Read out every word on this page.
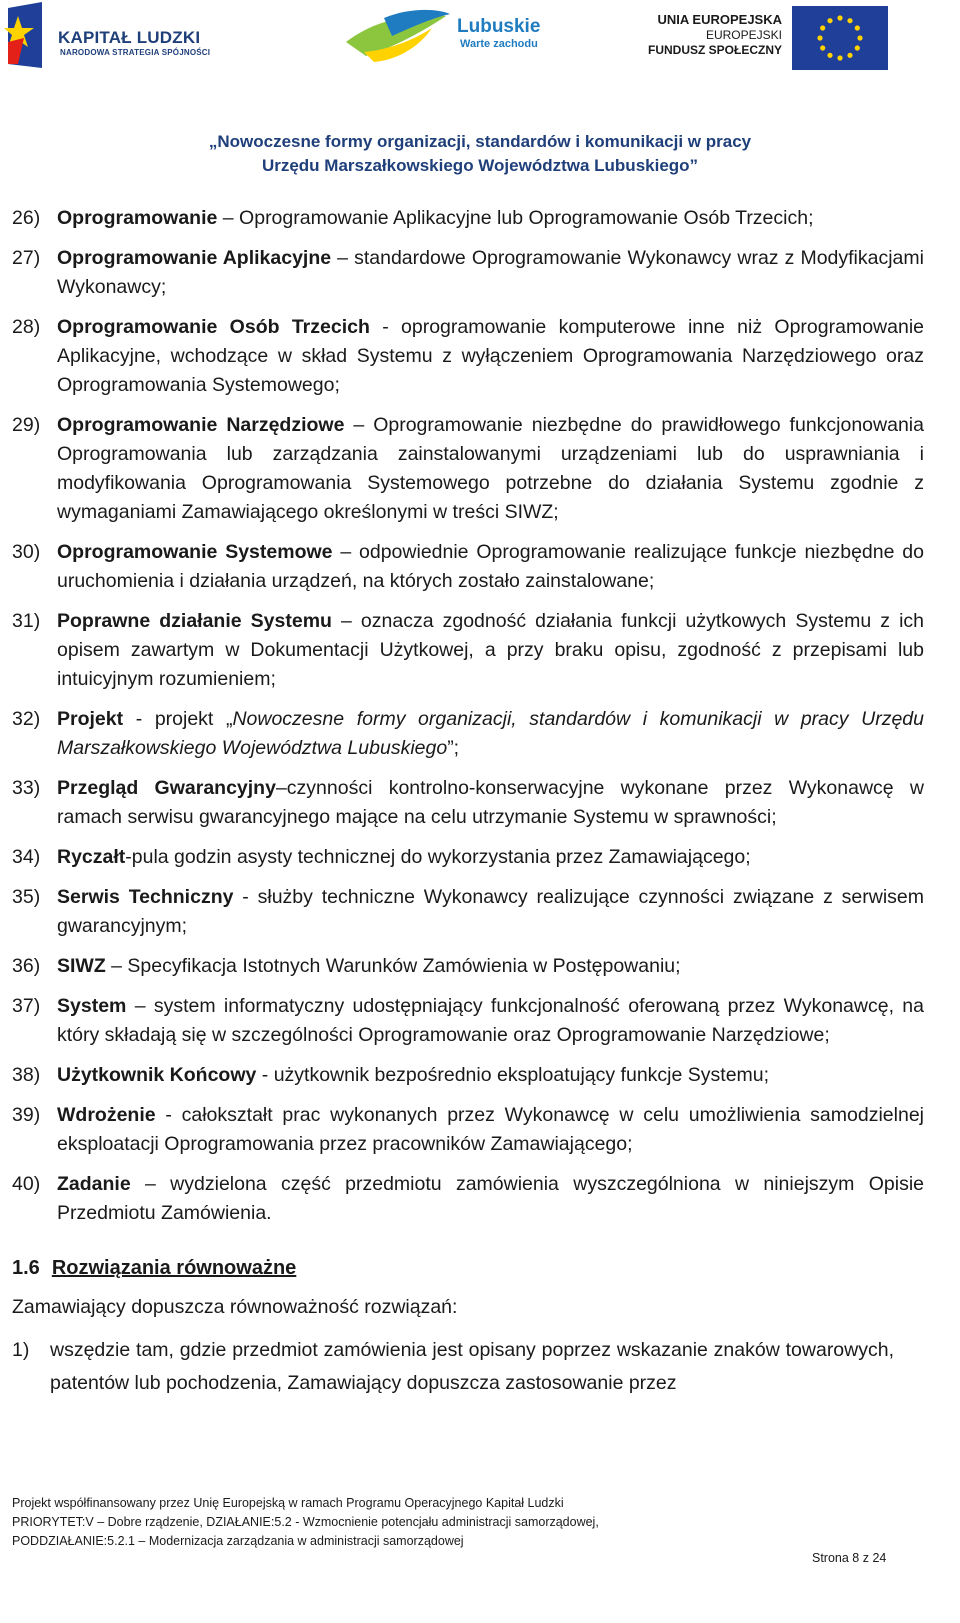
KAPITAŁ LUDZKI
NARODOWA STRATEGIA SPÓJNOŚCI
Lubuskie
Warte zachodu
UNIA EUROPEJSKA
EUROPEJSKI
FUNDUSZ SPOŁECZNY
„Nowoczesne formy organizacji, standardów i komunikacji w pracy
Urzędu Marszałkowskiego Województwa Lubuskiego”
26) Oprogramowanie – Oprogramowanie Aplikacyjne lub Oprogramowanie Osób Trzecich;
27) Oprogramowanie Aplikacyjne – standardowe Oprogramowanie Wykonawcy wraz z Modyfikacjami Wykonawcy;
28) Oprogramowanie Osób Trzecich - oprogramowanie komputerowe inne niż Oprogramowanie Aplikacyjne, wchodzące w skład Systemu z wyłączeniem Oprogramowania Narzędziowego oraz Oprogramowania Systemowego;
29) Oprogramowanie Narzędziowe – Oprogramowanie niezbędne do prawidłowego funkcjonowania Oprogramowania lub zarządzania zainstalowanymi urządzeniami lub do usprawniania i modyfikowania Oprogramowania Systemowego potrzebne do działania Systemu zgodnie z wymaganiami Zamawiającego określonymi w treści SIWZ;
30) Oprogramowanie Systemowe – odpowiednie Oprogramowanie realizujące funkcje niezbędne do uruchomienia i działania urządzeń, na których zostało zainstalowane;
31) Poprawne działanie Systemu – oznacza zgodność działania funkcji użytkowych Systemu z ich opisem zawartym w Dokumentacji Użytkowej, a przy braku opisu, zgodność z przepisami lub intuicyjnym rozumieniem;
32) Projekt - projekt „Nowoczesne formy organizacji, standardów i komunikacji w pracy Urzędu Marszałkowskiego Województwa Lubuskiego”;
33) Przegląd Gwarancyjny–czynności kontrolno-konserwacyjne wykonane przez Wykonawcę w ramach serwisu gwarancyjnego mające na celu utrzymanie Systemu w sprawności;
34) Ryczałt-pula godzin asysty technicznej do wykorzystania przez Zamawiającego;
35) Serwis Techniczny - służby techniczne Wykonawcy realizujące czynności związane z serwisem gwarancyjnym;
36) SIWZ – Specyfikacja Istotnych Warunków Zamówienia w Postępowaniu;
37) System – system informatyczny udostępniający funkcjonalność oferowaną przez Wykonawcę, na który składają się w szczególności Oprogramowanie oraz Oprogramowanie Narzędziowe;
38) Użytkownik Końcowy - użytkownik bezpośrednio eksploatujący funkcje Systemu;
39) Wdrożenie - całokształt prac wykonanych przez Wykonawcę w celu umożliwienia samodzielnej eksploatacji Oprogramowania przez pracowników Zamawiającego;
40) Zadanie – wydzielona część przedmiotu zamówienia wyszczególniona w niniejszym Opisie Przedmiotu Zamówienia.
1.6 Rozwiązania równoważne
Zamawiający dopuszcza równoważność rozwiązań:
1) wszędzie tam, gdzie przedmiot zamówienia jest opisany poprzez wskazanie znaków towarowych, patentów lub pochodzenia, Zamawiający dopuszcza zastosowanie przez
Projekt współfinansowany przez Unię Europejską w ramach Programu Operacyjnego Kapitał Ludzki
PRIORYTET:V – Dobre rządzenie, DZIAŁANIE:5.2 - Wzmocnienie potencjału administracji samorządowej,
PODDZIAŁANIE:5.2.1 – Modernizacja zarządzania w administracji samorządowej
Strona 8 z 24
